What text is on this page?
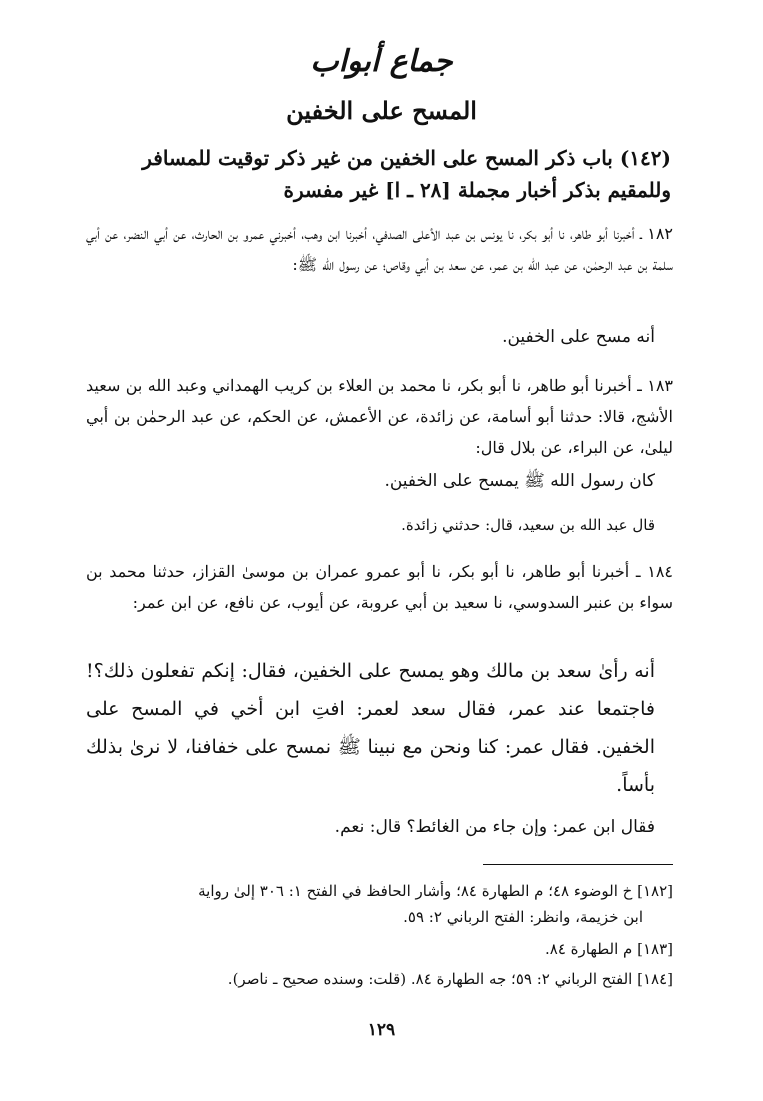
جماع أبواب
المسح على الخفين
(١٤٢) باب ذكر المسح على الخفين من غير ذكر توقيت للمسافر
وللمقيم بذكر أخبار مجملة [٢٨ ـ ا] غير مفسرة
١٨٢ ـ أخبرنا أبو طاهر، نا أبو بكر، نا يونس بن عبد الأعلى الصدفي، أخبرنا ابن وهب، أخبرني عمرو بن الحارث، عن أبي النضر، عن أبي سلمة بن عبد الرحمٰن، عن عبد الله بن عمر، عن سعد بن أبي وقاص؛ عن رسول الله ﷺ:
أنه مسح على الخفين.
١٨٣ ـ أخبرنا أبو طاهر، نا أبو بكر، نا محمد بن العلاء بن كريب الهمداني وعبد الله بن سعيد الأشج، قالا: حدثنا أبو أسامة، عن زائدة، عن الأعمش، عن الحكم، عن عبد الرحمٰن بن أبي ليلىٰ، عن البراء، عن بلال قال:
كان رسول الله ﷺ يمسح على الخفين.
قال عبد الله بن سعيد، قال: حدثني زائدة.
١٨٤ ـ أخبرنا أبو طاهر، نا أبو بكر، نا أبو عمرو عمران بن موسىٰ القزاز، حدثنا محمد بن سواء بن عنبر السدوسي، نا سعيد بن أبي عروبة، عن أيوب، عن نافع، عن ابن عمر:
أنه رأىٰ سعد بن مالك وهو يمسح على الخفين، فقال: إنكم تفعلون ذلك؟! فاجتمعا عند عمر، فقال سعد لعمر: افتِ ابن أخي في المسح على الخفين. فقال عمر: كنا ونحن مع نبينا ﷺ نمسح على خفافنا، لا نرىٰ بذلك بأساً.
فقال ابن عمر: وإن جاء من الغائط؟ قال: نعم.
[١٨٢] خ الوضوء ٤٨؛ م الطهارة ٨٤؛ وأشار الحافظ في الفتح ١: ٣٠٦ إلىٰ رواية
ابن خزيمة، وانظر: الفتح الرباني ٢: ٥٩.
[١٨٣] م الطهارة ٨٤.
[١٨٤] الفتح الرباني ٢: ٥٩؛ جه الطهارة ٨٤. (قلت: وسنده صحيح ـ ناصر).
١٢٩
